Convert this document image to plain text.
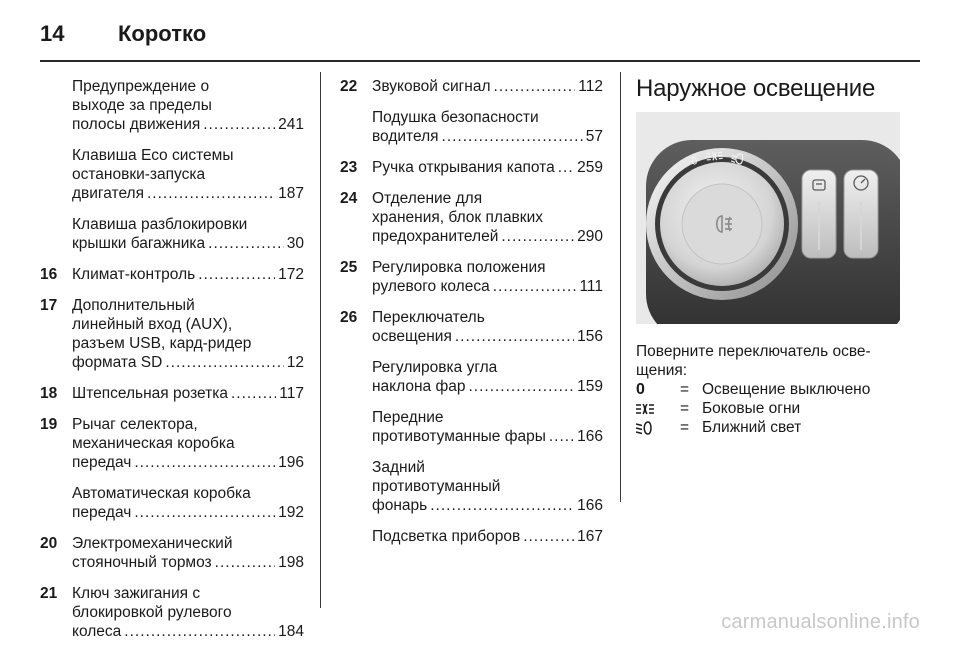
14	Коротко
Предупреждение о
выходе за пределы
полосы движения .....	241
Клавиша Eco системы
остановки-запуска
двигателя .....	187
Клавиша разблокировки
крышки багажника .....	30
16 Климат-контроль .....	172
17 Дополнительный
линейный вход (AUX),
разъем USB, кард-ридер
формата SD .....	12
18 Штепсельная розетка .....	117
19 Рычаг селектора,
механическая коробка
передач .....	196
Автоматическая коробка
передач .....	192
20 Электромеханический
стояночный тормоз .....	198
21 Ключ зажигания с
блокировкой рулевого
колеса .....	184
22 Звуковой сигнал .....	112
Подушка безопасности
водителя .....	57
23 Ручка открывания капота ..... 259
24 Отделение для
хранения, блок плавких
предохранителей .....	290
25 Регулировка положения
рулевого колеса .....	111
26 Переключатель
освещения .....	156
Регулировка угла
наклона фар .....	159
Передние
противотуманные фары ..... 166
Задний
противотуманный
фонарь .....	166
Подсветка приборов .....	167
Наружное освещение
0
Поверните переключатель осве-
щения:
0 = Освещение выключено
= Боковые огни
= Ближний свет
carmanualsonline.info
